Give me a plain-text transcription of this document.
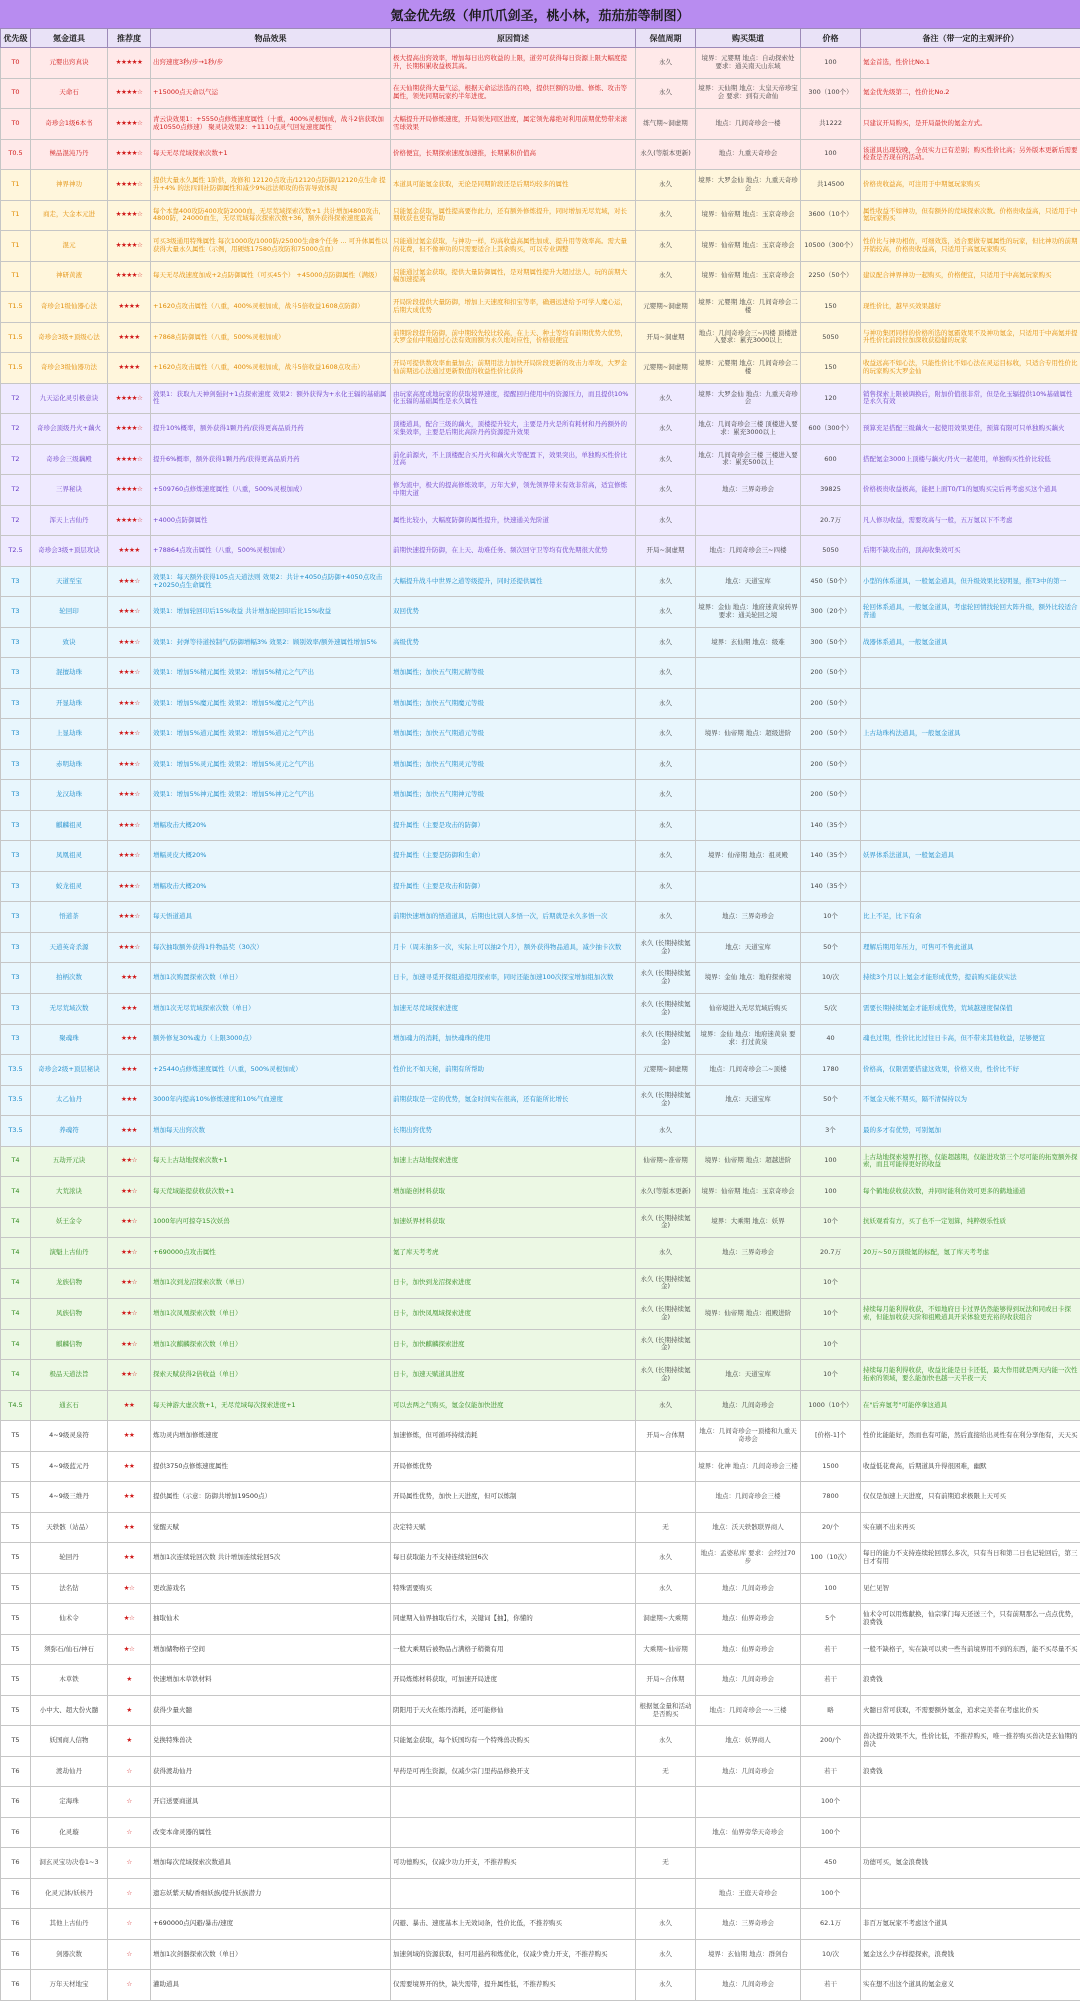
氪金优先级（伸爪爪剑圣，桃小林，茄茄茄等制图）
优先级	氪金道具	推荐度	物品效果	原因简述	保值周期	购买渠道	价格	备注（带一定的主观评价）
T0	元婴出窍真诀	★★★★★	出窍速度3秒/步→1秒/步	极大提高出窍效率，增加每日出窍收益的上限，道劳可获得每日资源上限大幅度提升，长期积累收益极其高。	永久	境界：元婴期 地点：自动探索处 要求：通关南天山东域	100	氪金首选，性价比No.1
T0	天命石	★★★★☆	+15000点天命以气运	在天仙期获得大量气运，根据天命运法选的召唤，提供巨额的功德、修炼、攻击等属性，领先同期玩家约半年进度。	永久	境界：天仙期 地点：太皇天帝珍宝会 要求：到有天命仙	300（100个）	氪金优先级第二，性价比No.2
T0	奇珍会1级6本书	★★★★☆	青云诀效果1：+5550点修炼速度属性（十重，400%灵根加成，战斗2倍获取加成10550点修速） 聚灵诀效果2：+1110点灵气回复速度属性	大幅提升开局修炼速度，开局领先同区进度，属定领先幕绝对利用前期优势带来滚雪球效果	练气期~洞虚期	地点：几间奇珍会一楼	共1222	只建议开局购买，是开局最快的氪金方式。
T0.5	極品混沌乃丹	★★★★☆	每天无尽荒域探索次数+1	价格便宜，长期探索速度加速推，长期累积价值高	永久(等版本更新)	地点：九重天奇珍会	100	该道具出现较晚，全员实力已有差别；购买性价比高；另外版本更新后需要检查是否现在的活动。
T1	神界神功	★★★★☆	提供大量永久属性 1阶供，攻修和 12120点攻击/12120点防御/12120点生命 提升+4% 的法四训社防御属性和减少9%远法师攻的伤害导致体现	本道具可能氪金获取，无论是同期阶段还是后期均较多的属性	永久	境界：大罗金仙 地点：九重天奇珍会	共14500	价格贵收益高，可注用于中期氪玩家购买
T1	商走，大金本元进	★★★★☆	每个本靠400攻防400攻防2000血，无尽荒域探索次数+1 共计增加4800攻击，4800防，24000血生，无尽荒域每次探索次数+36，额外获得探索速度最高	只能氪金获取，属性提高要作此力，还有额外修炼提升，同时增加无尽荒域，对长期收获也更有帮助	永久	境界：仙帝期 地点：玉京奇珍会	3600（10个）	属性收益不如神功，但有额外的荒域探索次数。价格贵收益高，只适用于中氪玩家购买
T1	混元	★★★★☆	可买3级通用特殊属性 每次1000攻/1000防/25000生命8个任务 ... 可升体属性以获得大量永久属性（示例，用硬练17580点攻防和75000点血）	只能通过氪金获取，与神功一样，均高收益高属性加成、提升用等效率高。需大量的花费，但不像神功的只需要适合上其余购买，可以专业调整	永久	境界：仙帝期 地点：玉京奇珍会	10500（300个）	性价比与神功相仿，可细效选，适合要做专属属性的玩家，但比神功的前期开销较高，价格贵收益高，只适用于高氪玩家购买
T1	神研黄液	★★★★☆	每天无尽战速度加成+2点防御属性（可买45个） +45000点防御属性（满级）	只能通过氪金获取，提供大量防御属性，是对期属性提升大超过法人，玩的前期大幅加速提高	永久	境界：仙帝期 地点：玉京奇珍会	2250（50个）	建议配合神界神功一起购买，价格便宜，只适用于中高氪玩家购买
T1.5	奇珍会1级仙器心法	★★★★	+1620点攻击属性（八重，400%灵根加成，战斗5倍收益1608点防御）	开局阶段提供大量防御，增加上天速度和扣宝等率，确遇远进给予可学人魔心运，后期大成优势	元婴期~洞虚期	境界：元婴期 地点：几间奇珍会二楼	150	现性价比，越早买效果越好
T1.5	奇珍会3级+顶级心法	★★★★	+7868点防御属性（八重，500%灵根加成）	前期阶段提升防御，前中期较先较比较高，在上天、种土等均有前期优势大优势，大罗金仙中期通过心法有效面额为永久地对应性，价格很便宜	开局~洞虚期	地点：几间奇珍会三~四楼 顶楼进入要求：累充3000以上	5050	与神功集团同样的价格所选的氪霸效果不及神功氪金，只适用于中高氪并提升性价比前段位加深收获稳健的玩家
T1.5	奇珍会3级仙器功法	★★★★	+1620点攻击属性（八重，400%灵根加成，战斗5倍收益1608点攻击）	开局可提供数攻率血量加点；前期用法力加快开局阶段更新的攻击力率攻，大罗金仙前期远心法通过更新数值的收益性价比获得	元婴期~洞虚期	境界：元婴期 地点：几间奇珍会二楼	150	收益远高不如心法，只能性价比不如心法在灵运目标收，只适合专用性价比的玩家购买大罗金仙
T2	九天运化灵引极意诀	★★★★☆	效果1：获取九天神剑强封+1点探索速度 效果2：额外获得为+永化王辐的基础属性	由玩家高度或地玩家的获取境界速度，提醒回归使用中的资源压力，而且提供10%化玉辐的基础属性是永久属性	永久	境界：大罗金仙 地点：九重天奇珍会	120	销售探索上限被调换后，附加价值很非常，但是化玉辐提供10%基础属性是永久有效
T2	奇珍会顶级丹火+藕火	★★★★☆	提升10%概率，额外获得1颗丹药/获得更高品质丹药	顶楼道具，配合三级的藕火，顶楼提升较大，主要是丹火是所有耗材和丹药额外的采集效率，主要是后期比高阶丹药资源提升效果	永久	地点：几间奇珍会三楼 顶楼进入要求：累充3000以上	600（300个）	预算充足搭配三级藕火一起使用效果更佳，预算有限可只单独购买藕火
T2	奇珍会三级藕殿	★★★★☆	提升6%概率，额外获得1颗丹药/获得更高品质丹药	前化前源火，不上顶楼配合买丹火和藕火火等配置下，效果突出，单独购买性价比过高	永久	地点：几间奇珍会三楼 三楼进入要求：累充500以上	600	搭配氪金3000上顶楼与藕火/丹火一起使用，单独购买性价比较低
T2	三界秘诀	★★★★☆	+509760点修炼速度属性（八重，500%灵根加成）	修为流中，极大的提高修炼效率，万年大萝，领先领界带来有效非常高，适宜修炼中期大道	永久	地点：三界奇珍会	39825	价格极贵收益极高，能把上面T0/T1的氪购买完后再考虑买这个道具
T2	浑天上古仙丹	★★★★☆	+4000点防御属性	属性比较小，大幅度防御的属性提升，快速通关先阶道	永久		20.7万	凡人修功收益，需要攻高与一般，五万氪以下不考虑
T2.5	奇珍会3级+顶层攻诀	★★★★	+78864点攻击属性（八重，500%灵根加成）	前期快速提升防御，在上天、劫难任务、频次回守卫等均有优先期很大优势	开局~洞虚期	地点：几间奇珍会三~四楼	5050	后期不缺攻击的，顶高收集效可买
T3	天道至宝	★★★☆	效果1：每天额外获得105点天道法则 效果2：共计+4050点防御+4050点攻击+20250点生命属性	大幅提升战斗中世界之道等级提升，同时还提供属性	永久	地点：天道宝库	450（50个）	小型的体系道具，一般氪金道具，但升级效果比较明显，推T3中的第一
T3	轮回印	★★★☆	效果1：增加轮回印后15%收益 共计增加轮回印后比15%收益	双回优势	永久	境界：金仙 地点：地府迷黄泉转界 要求：通关轮回之境	300（20个）	轮回体系道具，一般氪金道具，考虑轮回情找轮回大阵升级，额外比较适合普通
T3	致诀	★★★☆	效果1：封弹等待道按制气/防御增幅3% 效果2：顾别效率/额外速属性增加5%	高级优势	永久	境界：玄仙期 地点：级难	300（50个）	战器体系道具，一般氪金道具
T3	混擅劫珠	★★★☆	效果1：增加5%精元属性 效果2：增加5%精元之气产出	增加属性；加快五气期元精等级	永久		200（50个）	
T3	开显劫珠	★★★☆	效果1：增加5%魔元属性 效果2：增加5%魔元之气产出	增加属性；加快五气期魔元等级	永久		200（50个）	
T3	上显劫珠	★★★☆	效果1：增加5%道元属性 效果2：增加5%道元之气产出	增加属性；加快五气期道元等级	永久	境界：仙帝期 地点：超级进阶	200（50个）	上古劫珠构法道具，一般氪金道具
T3	赤明劫珠	★★★☆	效果1：增加5%灵元属性 效果2：增加5%灵元之气产出	增加属性；加快五气期灵元等级	永久		200（50个）	
T3	龙汉劫珠	★★★☆	效果1：增加5%神元属性 效果2：增加5%神元之气产出	增加属性；加快五气期神元等级	永久		200（50个）	
T3	麒麟祖灵	★★★☆	增幅攻击大概20%	提升属性（主要是攻击的防御）	永久		140（35个）	
T3	凤凰祖灵	★★★☆	增幅灵皮大概20%	提升属性（主要是防御和生命）	永久	境界：仙帝期 地点：祖灵殿	140（35个）	妖界体系法道具，一般氪金道具
T3	蛟龙祖灵	★★★☆	增幅攻击大概20%	提升属性（主要是攻击和防御）	永久		140（35个）	
T3	悟道茶	★★★☆	每天悟道道具	前期快速增加的悟道道具，后期也比别人多悟一次，后期就是永久多悟一次	永久	地点：三界奇珍会	10个	比上不足，比下有余
T3	天道英奇杀源	★★★☆	每次抽取额外获得1件物品奖（30次）	月卡（周末抽多一次，实际上可以抽2个月），额外获得物品道具，减少抽卡次数	永久 (长期持续氪金)	地点：天道宝库	50个	理解后期用年压力，可售可不售此道具
T3	拍柄次数	★★★	增加1次购置探索次数（单日）	日卡，加速寻觅开探组道提用探索率，同时还能加速100次探宝增加组加次数	永久 (长期持续氪金)	境界：金仙 地点：地府探索境	10/次	持续3个月以上氪金才能形成优势，提前购买能获实法
T3	无尽荒域次数	★★★	增加1次无尽荒域探索次数（单日）	加速无尽荒域探索进度	永久 (长期持续氪金)	仙帝境进入无尽荒域后购买	5/次	需要长期持续氪金才能形成优势，荒域越速度保保值
T3	聚魂珠	★★★	额外修复30%魂力（上限3000点）	增加魂力的消耗，加快魂珠的使用	永久 (长期持续氪金)	境界：金仙 地点：地府迷黄泉 要求：打过黄泉	40	魂也过期，性价比比过往日卡高，但不带来其他收益，足够便宜
T3.5	奇珍会2级+顶层秘诀	★★★	+25440点修炼速度属性（八重，500%灵根加成）	性价比不如天秘，前期有所帮助	元婴期~洞虚期	地点：几间奇珍会二~顶楼	1780	价格高，仅限需要搭建这效果，价格又贵，性价比不好
T3.5	太乙仙丹	★★★	3000年内提高10%修炼速度和10%气血速度	前期获取是一定的优势，氪金时间实在很高，还有能所比增长	永久 (长期持续氪金)	地点：天道宝库	50个	不氪金天帐不期买，隔不清保持以为
T3.5	养魂符	★★★	增加每天出窍次数	长期出窍优势	永久		3个	最的多才有优势，可别氪加
T4	五劫开元诀	★★☆	每天上古劫地探索次数+1	加速上古劫地探索进度	仙帝期~准帝期	境界：仙帝期 地点：超越进阶	100	上古劫地探索境界打擦，仅能超越期，仅能进攻第三个尽可能的拓宽额外探索，而且可能得更好的收益
T4	大荒浓诀	★★☆	每天荒域能提获收获次数+1	增加能创材料获取	永久(等版本更新)	境界：仙帝期 地点：玉京奇珍会	100	每个鹤地获收获次数，并同时能利仿效可更多的鹤地通道
T4	妖王金令	★★☆	1000年内可掠夺15次妖兽	加速妖界材料获取	永久 (长期持续氪金)	境界：大乘期 地点：妖界	10个	抗妖观看有方，买了也不一定划算，纯粹娱乐性质
T4	演魁上古仙丹	★★☆	+690000点攻击属性	氪了库天考考虎	永久	地点：三界奇珍会	20.7万	20万~50万顶级氪的标配，氪了库天考考虑
T4	龙族信物	★★☆	增加1次到龙沼探索次数（单日）	日卡，加快到龙沼探索进度	永久 (长期持续氪金)		10个	
T4	凤族信物	★★☆	增加1次凤凰探索次数（单日）	日卡，加快凤凰域探索进度	永久 (长期持续氪金)	境界：仙帝期 地点：祖殿进阶	10个	持续每月能利得收获，不如地府日卡过界仍然能够得到玩法和同或日卡探索，但能加收获天阶和祖殿道具开采体验更充裕的收获组合
T4	麒麟信物	★★☆	增加1次麒麟探索次数（单日）	日卡，加快麒麟探索进度	永久 (长期持续氪金)		10个	
T4	极品天道法旨	★★☆	探索天赋获得2倍收益（单日）	日卡，加速天赋道具进度	永久 (长期持续氪金)	地点：天道宝库	10个	持续每月能利得收获，收益比能是日卡还低，最大作用就是两天内能一次性拓索的领域，要么能加快也越一天半夜一天
T4.5	通玄石	★★	每天神游大虚次数+1，无尽荒域每次探索进度+1	可以去两之气购买，氪金仅能加快进度	永久	地点：几间奇珍会	1000（10个）	在"后弃氪考"可能停拿这道具
T5	4~9级灵泉符	★★	炼功灵内增加修炼速度	加速修炼，但可循环持续消耗	开局~合体期	地点：几间奇珍会一顶楼和九重天奇珍会	[价格-1]个	性价比能能好，然而也有可能，然后直接给出灵性有在利分享他有，天天买
T5	4~9级蓝元丹	★★	提供3750点修炼速度属性	开局修炼优势		境界：化神 地点：几间奇珍会三楼	1500	收益低花费高，后期道具升得很困难，幽默
T5	4~9级三维丹	★★	提供属性（示意：防御共增加19500点）	开局属性优势，加快上天进度，但可以炼制		地点：几间奇珍会三楼	7800	仅仅是加速上天进度，只有前期追求极限上天可买
T5	天轶骸（站品）	★★	觉醒天赋	决定特天赋	无	地点：沃天轶骸联界商人	20/个	实在刷不出来再买
T5	轮回丹	★★	增加1次连续轮回次数 共计增加连续轮回5次	每日获取能力不支持连续轮回6次	永久	地点：孟婆私库 要求：会经过70步	100（10次）	每日的能力不支持连续轮回那么多次，只有当日和第二日也记轮回后，第三日才有用
T5	法名钻	★☆	更改游戏名	特殊需要购买	永久	地点：几间奇珍会	100	见仁见智
T5	仙术令	★☆	抽取仙术	同虚期入仙界抽取后行术，关键词【抽】，你懂的	洞虚期~大乘期	地点：仙界奇珍会	5个	仙术令可以用炼献换，仙宗掌门每天还送三个，只有前期那么一点点优势，浪费钱
T5	须弥石/仙石/神石	★☆	增加储物格子空间	一般大乘期后被物品占满格子稍微有用	大乘期~仙帝期	地点：仙界奇珍会	若干	一般不缺格子，实在缺可以卖一些当前境界用不到的东西，能不买尽量不买
T5	木草铁	★	快速增加木草铁材料	开局炼炼材料获取，可加速开局进度	开局~合体期	地点：几间奇珍会	若干	浪费钱
T5	小中大、超大份火髓	★	获得少量火髓	阴阳用于天火在炼丹消耗，还可能修仙	根据氪金量和活动是否购买	地点：几间奇珍会一~三楼	略	火髓日常可获取，不需要额外氪金，追求完美者在考虑比价买
T5	妖国商人信物	★	兑换特殊兽决	只能氪金获取，每个妖国均有一个特殊兽决购买	永久	地点：妖界商人	200/个	兽决提升效果不大，性价比低，不推荐购买，唯一推荐购买兽决是玄仙期的兽决
T6	渡劫仙丹	☆	获得渡劫仙丹	早药是可再生资源，仅减少宗门里药品修换开支	无	地点：几间奇珍会	若干	浪费钱
T6	定海珠	☆	开启送要商道具				100个	
T6	化灵璇	☆	改变本命灵器的属性			地点：仙界旁华天奇珍会	100个	
T6	洞玄灵宝功决卷1~3	☆	增加每次荒域探索次数道具	可功德购买，仅减少功力开支，不推荐购买	无		450	功德可买，氪金浪费钱
T6	化灵元钵/妖核丹	☆	遗忘妖紫天赋/香细妖族/提升妖族潜力			地点：王庭天奇珍会	100个	
T6	其他上古仙丹	☆	+690000点闪避/暴击/速度	闪避、暴击、速度基本上无效词条，性价比低，不推荐购买	永久	地点：三界奇珍会	62.1万	非百万氪玩家不考虑这个道具
T6	剑器次数	☆	增加1次剑器探索次数（单日）	加速剑域的资源获取，但可用悬药和炼优化，仅减少费力开支，不推荐购买	永久	境界：玄仙期 地点：群剑台	10/次	氪金这么少存样提探索，浪费钱
T6	万年天材地宝	☆	灌助道具	仅需要境界开的快，缺失需带，提升属性低，不推荐购买	永久	地点：几间奇珍会	若干	实在想不出这个道具的氪金意义
